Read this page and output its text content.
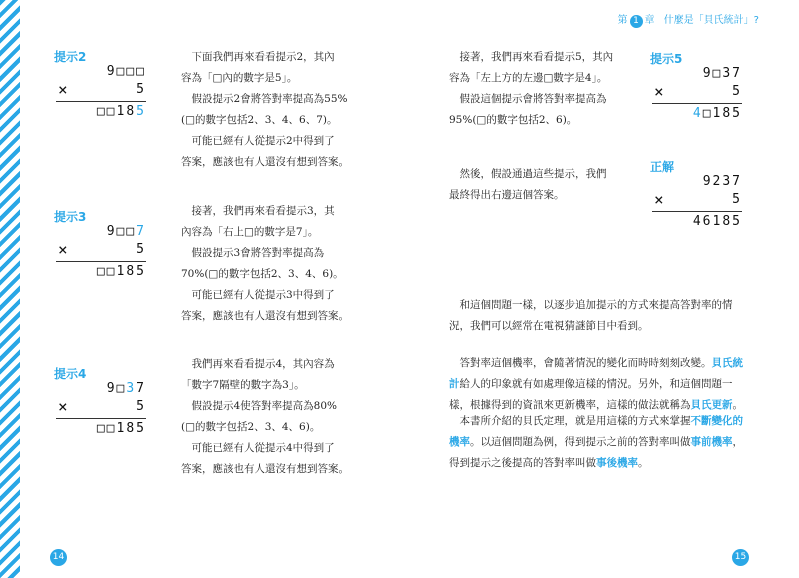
第 1 章 什麼是「貝氏統計」?
提示2
9□□□
×	5
□□185

下面我們再來看看提示2，其內

容為「□內的數字是5」。

假設提示2會將答對率提高為55%

(□的數字包括2、3、4、6、7)。

可能已經有人從提示2中得到了

答案，應該也有人還沒有想到答案。

提示3
9□□7
×	5
□□185

接著，我們再來看看提示3，其

內容為「右上□的數字是7」。

假設提示3會將答對率提高為

70%(□的數字包括2、3、4、6)。

可能已經有人從提示3中得到了

答案，應該也有人還沒有想到答案。

提示4
9□37
×	5
□□185

我們再來看看提示4，其內容為

「數字7隔壁的數字為3」。

假設提示4使答對率提高為80%

(□的數字包括2、3、4、6)。

可能已經有人從提示4中得到了

答案，應該也有人還沒有想到答案。

14

接著，我們再來看看提示5，其內

容為「左上方的左邊□數字是4」。

假設這個提示會將答對率提高為

95%(□的數字包括2、6)。

提示5
9□37
×	5
4□185

然後，假設通過這些提示，我們

最終得出右邊這個答案。

正解
9237
×	5
46185

和這個問題一樣，以逐步追加提示的方式來提高答對率的情況，我們可以經常在電視猜謎節目中看到。

答對率這個機率，會隨著情況的變化而時時刻刻改變。貝氏統計給人的印象就有如處理像這樣的情況。另外，和這個問題一樣，根據得到的資訊來更新機率，這樣的做法就稱為貝氏更新。

本書所介紹的貝氏定理，就是用這樣的方式來掌握不斷變化的機率。以這個問題為例，得到提示之前的答對率叫做事前機率，得到提示之後提高的答對率叫做事後機率。

15
